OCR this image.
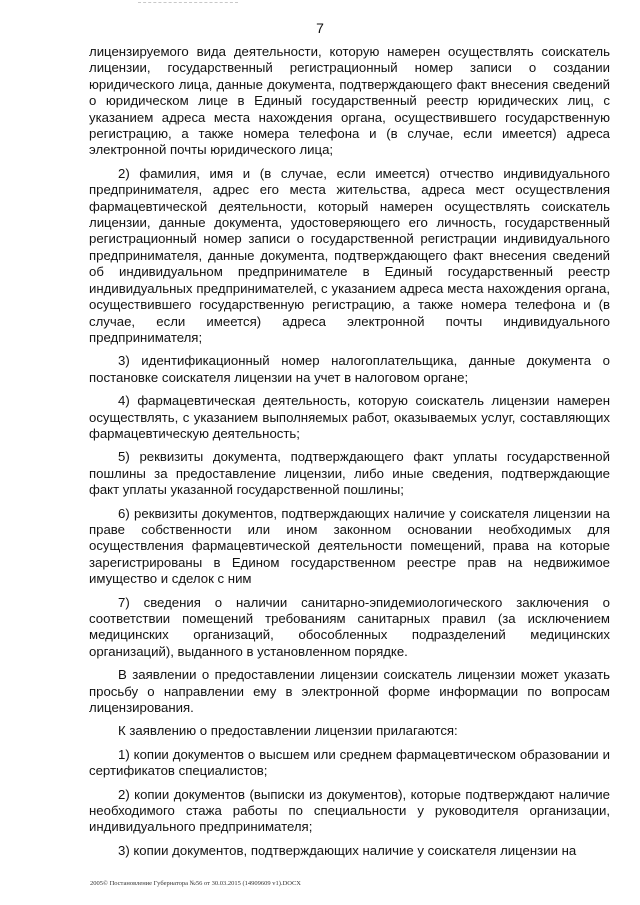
7

лицензируемого вида деятельности, которую намерен осуществлять соискатель лицензии, государственный регистрационный номер записи о создании юридического лица, данные документа, подтверждающего факт внесения сведений о юридическом лице в Единый государственный реестр юридических лиц, с указанием адреса места нахождения органа, осуществившего государственную регистрацию, а также номера телефона и (в случае, если имеется) адреса электронной почты юридического лица;

2) фамилия, имя и (в случае, если имеется) отчество индивидуального предпринимателя, адрес его места жительства, адреса мест осуществления фармацевтической деятельности, который намерен осуществлять соискатель лицензии, данные документа, удостоверяющего его личность, государственный регистрационный номер записи о государственной регистрации индивидуального предпринимателя, данные документа, подтверждающего факт внесения сведений об индивидуальном предпринимателе в Единый государственный реестр индивидуальных предпринимателей, с указанием адреса места нахождения органа, осуществившего государственную регистрацию, а также номера телефона и (в случае, если имеется) адреса электронной почты индивидуального предпринимателя;

3) идентификационный номер налогоплательщика, данные документа о постановке соискателя лицензии на учет в налоговом органе;

4) фармацевтическая деятельность, которую соискатель лицензии намерен осуществлять, с указанием выполняемых работ, оказываемых услуг, составляющих фармацевтическую деятельность;

5) реквизиты документа, подтверждающего факт уплаты государственной пошлины за предоставление лицензии, либо иные сведения, подтверждающие факт уплаты указанной государственной пошлины;

6) реквизиты документов, подтверждающих наличие у соискателя лицензии на праве собственности или ином законном основании необходимых для осуществления фармацевтической деятельности помещений, права на которые зарегистрированы в Едином государственном реестре прав на недвижимое имущество и сделок с ним

7) сведения о наличии санитарно-эпидемиологического заключения о соответствии помещений требованиям санитарных правил (за исключением медицинских организаций, обособленных подразделений медицинских организаций), выданного в установленном порядке.

В заявлении о предоставлении лицензии соискатель лицензии может указать просьбу о направлении ему в электронной форме информации по вопросам лицензирования.

К заявлению о предоставлении лицензии прилагаются:

1) копии документов о высшем или среднем фармацевтическом образовании и сертификатов специалистов;

2) копии документов (выписки из документов), которые подтверждают наличие необходимого стажа работы по специальности у руководителя организации, индивидуального предпринимателя;

3) копии документов, подтверждающих наличие у соискателя лицензии на

2005© Постановление Губернатора №56 от 30.03.2015 (14909609 v1).DOCX
